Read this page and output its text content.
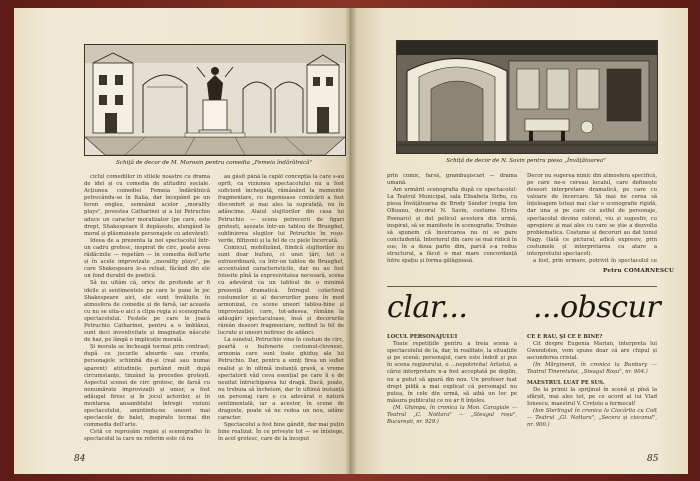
Schiţă de decor de M. Marosin pentru comedia „Femeia îndărătnică"

ciclul comediilor în stilele noastre cu drama de idei și cu comedia de atitudini sociale. Acțiunea comediei Femeia îndărătnică petrecându-se în Italia, dar începând pe un teren englez, semnând acelor „morality plays", povestea Catharinei și a lui Petruchio aduce un caracter moralizator (pe care, este drept, Shakespeare îl depășește, alungând la moral și plăsmuiește personajele cu adevărat).

Ideea de a prezenta la noi spectacolul într-un cadru grotesc, inspirat de circ, poate avea rădăcinile — repetăm — în comedia dell'arte și în acele improvizate „morality plays", pe care Shakespeare le-a reluat, făcând din ele un fond durabil de poetică.

Să nu uităm că, orice de profunde ar fi ideile și sentimentele pe care le pune în joc Shakespeare aici, ele sunt învăluite în atmosfera de comedie și de farsă, iar aceasta cu nu se uita-o aici a clipa regia și scenografia spectacolului. Festele pe care le joacă Petruchio Catharinei, pentru a o îmblânzi, sunt deci inventivitate și imaginație născute de haz, pe lângă o implicație morală.

Și morala se încheagă tocmai prin contrast; după ce jocurile absurde sau crunte, personajele schimbă du-și (real sau numai aparent) atitudinile, purtând mult după circumstanțe, tinzând la procedee grotești. Aspectul scenei de circ grotesc, de farsă cu nenumărate improvizații și umor, a fost adăugat firesc și în jocul actorilor, și în montarea ansamblului întregii viziuni spectacolului, amintindu-ne uneori mai spectacole de balet, inspirate tocmai din commedia dell'arte.

Cetă ce reproșăm regiei și scenografiei în spectacolul la care ne referim este că nu

au găsit până la capăt concepția la care s-au oprit, ca viziunea spectacolului nu a fost suficient închegată, rămânând la momente fragmentare, cu ingenioase comicării a fost disconfort și mai ales la suprafață, nu în adâncime. Alaiul slujitorilor din casa lui Petruchio — scena petrecerii de figuri grotești, așezate într-un tablou de Brueghel, sublinierea slugilor lui Petruchio în roșu-verde, filfizonii și la fel de cu piele încercată.

Comicul, mobilizând, fiindcă slujitorilor nu sunt doar bufoni, ci unei țări, tot o extraordinară, ca într-un tablou de Brueghel, accentuând caracteristicile, dar nu au fost folosite pînă la expresivitatea necesară, scena cu adevărat ca un tabloul de o minimă prezență dramatică. Întregul colectivul costumelor și al decorurilor pune în mod armonizat, cu scene uneori tablou-bine și improvizației, care, tot-adesea, rămâne la adăugări spectaculoase, însă și decorurile rămân deseori fragmentare, nefiind la fel de lucrate și uneori nefiresc de adânci.

La sunetul, Petruchio vine în costum de circ, poartă o bufonerie costumul-clovnesc, armonia care sunt toate ghiduș ale lui Petruchio. Dar, pentru a simți firea un suflet realist și în ultimă instanță gravă, a vreme spectatorii văd ceva esențial pe care îi e de neuitat întruchiparea lui dragă. Dacă, poate, nu trebuia să încheiem, dar în ultimă instanță un personaj care e cu adevărat o natură sentimentală, iar a acestor, în scene de dragoste, poate să ne redea un nou, adânc caracter.

Spectacolul a fost bine gândit, dar mai puțin bine realizat. În ce privește tot — se înțelege, în acel grotesc, care de la început

84
Schiță de decor de N. Savin pentru piesa „Învăţătoarea"

prin comic, farsă, grambuşiscari — drama umană.

Am urmărit scenografia după ce spectacolul: La Teatrul Municipal, sala Elisabeta Sirbu, cu piesa Învățătoarea de Brody Sándor (regia Ion Olteanu, decorul N. Savin, costume Elvira Poenaru) și dat pelicul acestora din urmă, inspirat, să se manifeste în scenografie. Trebuie să spunem că încercarea nu ni se pare concludentă. Interiorul din care se mai ridică în sus, în a doua parte dim, parcă s-a redus structural, a făcut o mai mare concordanță între spațiu și forma gălăgioasă.

Decor nu sugerea nimic din atmosfera specifică, pe care ne-o cereau localul, care definește deseori interpretare dramatică, pe care cu valoare de încercare. Să mai ne cerea să înțeleagem totuși mai clar o scenografie rigidă, dar una și pe care cu astfel de personaje, spectacolul devine colorat, viu și sugestiv, cu apropiere și mai ales cu care se știe a dezvolta problematica. Costume și decoruri au dat tonul Nagy. (Iată ce pictural, adică expresiv, prin costumele și interpretarea ca atare a interpretului spectacol).

a fost, prin urmare, potrivit în spectacolul ce

Petru COMARNESCU
clar... ...obscur

LOCUL PERSONAJULUI

Toate repetițiile pentru a treia scena a spectacolului de la, dar, în realitate, la situațiile și pe scenă; personajul, care este îndoit și pus în scena regizorului, o ...nepotrivita! Artistul, a cărui interpretare n-a fost acceptată pe deplin, nu a putut să apară din nou. Un profesor luat drept pildă a mai explicat că personajul nu putea, în cele din urmă, să aibă un loc pe măsura publicului ce nu ar fi înțeles.

(M. Ghimpu, în cronica la Mon. Caragiale — Teatrul „C. Nottara" — „Steagul roșu", București, nr. 929.)

CE E RĂU, ŞI CE E BINE?

Cit despre Eugenia Marian, interpreta lui Gwendolen, vom spune doar că are chipul și ascunderea cristal.

(In Mărginenii, în cronica la Bunbury — Teatrul Tineretului, „Steagul Roșu", nr. 904.)

MAESTRUL LUAT PE SUS.

De la primii la sprijinul în scenă și pînă la sfârșit, mai ales tot, pe ce acord al lui Vlad Ionescu, maestrul V. Crețoiu a fermecat!

(Ion Sterlingul în cronica la Ciocârlia cu Colț — Teatrul „Gl. Nottara", „Secera și ciocanul", nr. 900.)

85
